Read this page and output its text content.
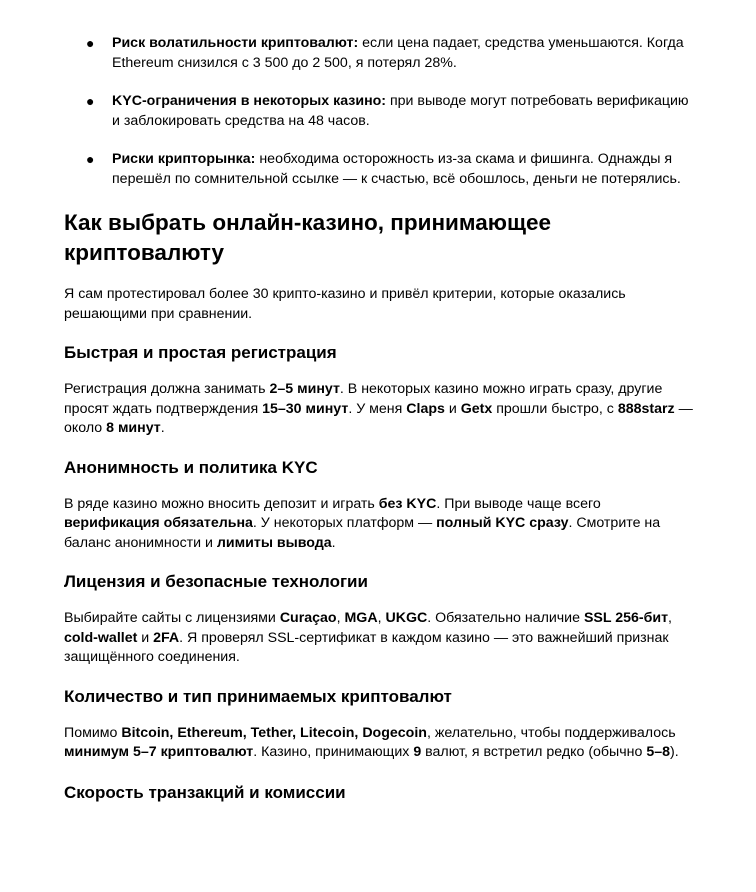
● Риск волатильности криптовалют: если цена падает, средства уменьшаются. Когда Ethereum снизился с 3 500 до 2 500, я потерял 28%.
● KYC-ограничения в некоторых казино: при выводе могут потребовать верификацию и заблокировать средства на 48 часов.
● Риски крипторынка: необходима осторожность из-за скама и фишинга. Однажды я перешёл по сомнительной ссылке — к счастью, всё обошлось, деньги не потерялись.
Как выбрать онлайн-казино, принимающее криптовалюту

Я сам протестировал более 30 крипто-казино и привёл критерии, которые оказались решающими при сравнении.

Быстрая и простая регистрация

Регистрация должна занимать 2–5 минут. В некоторых казино можно играть сразу, другие просят ждать подтверждения 15–30 минут. У меня Claps и Getx прошли быстро, с 888starz — около 8 минут.

Анонимность и политика KYC

В ряде казино можно вносить депозит и играть без KYC. При выводе чаще всего верификация обязательна. У некоторых платформ — полный KYC сразу. Смотрите на баланс анонимности и лимиты вывода.

Лицензия и безопасные технологии

Выбирайте сайты с лицензиями Curaçao, MGA, UKGC. Обязательно наличие SSL 256-бит, cold-wallet и 2FA. Я проверял SSL-сертификат в каждом казино — это важнейший признак защищённого соединения.

Количество и тип принимаемых криптовалют

Помимо Bitcoin, Ethereum, Tether, Litecoin, Dogecoin, желательно, чтобы поддерживалось минимум 5–7 криптовалют. Казино, принимающих 9 валют, я встретил редко (обычно 5–8).

Скорость транзакций и комиссии
